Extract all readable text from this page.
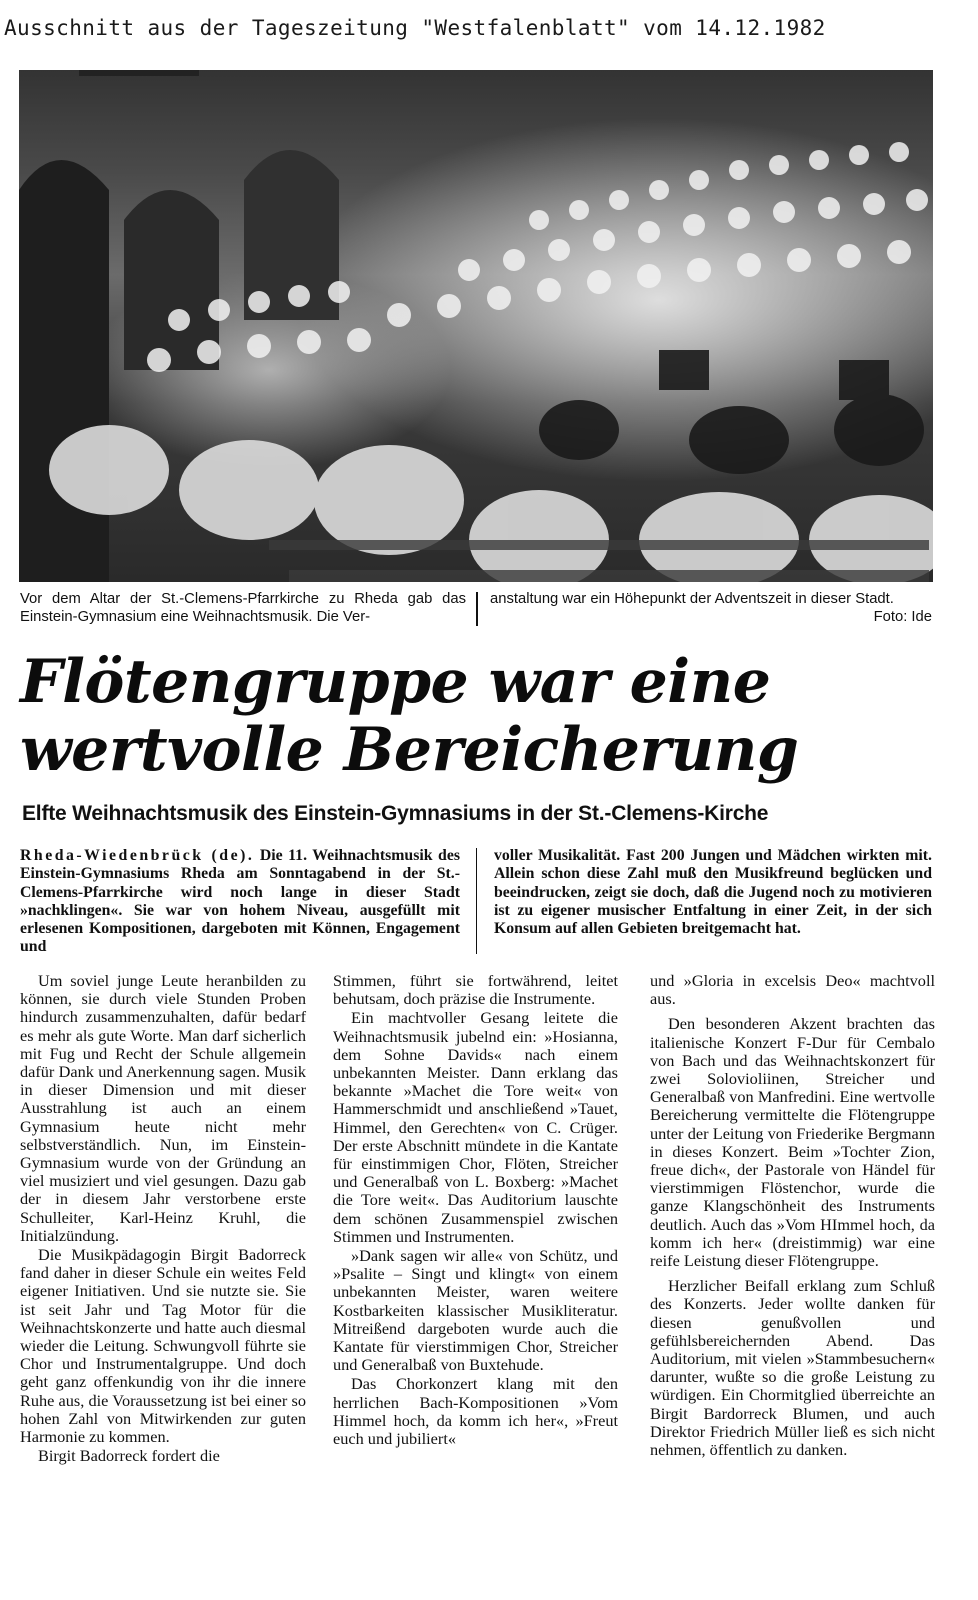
Ausschnitt aus der Tageszeitung "Westfalenblatt" vom 14.12.1982
Vor dem Altar der St.-Clemens-Pfarrkirche zu Rheda gab das Einstein-Gymnasium eine Weihnachtsmusik. Die Ver-
anstaltung war ein Höhepunkt der Adventszeit in dieser Stadt.
Foto: Ide
Flötengruppe war eine
wertvolle Bereicherung
Elfte Weihnachtsmusik des Einstein-Gymnasiums in der St.-Clemens-Kirche
Rheda-Wiedenbrück (de). Die 11. Weihnachtsmusik des Einstein-Gymnasiums Rheda am Sonntagabend in der St.-Clemens-Pfarrkirche wird noch lange in dieser Stadt »nachklingen«. Sie war von hohem Niveau, ausgefüllt mit erlesenen Kompositionen, dargeboten mit Können, Engagement und
voller Musikalität. Fast 200 Jungen und Mädchen wirkten mit. Allein schon diese Zahl muß den Musikfreund beglücken und beeindrucken, zeigt sie doch, daß die Jugend noch zu motivieren ist zu eigener musischer Entfaltung in einer Zeit, in der sich Konsum auf allen Gebieten breitgemacht hat.

Um soviel junge Leute heranbilden zu können, sie durch viele Stunden Proben hindurch zusammenzuhalten, dafür bedarf es mehr als gute Worte. Man darf sicherlich mit Fug und Recht der Schule allgemein dafür Dank und Anerkennung sagen. Musik in dieser Dimension und mit dieser Ausstrahlung ist auch an einem Gymnasium heute nicht mehr selbstverständlich. Nun, im Einstein-Gymnasium wurde von der Gründung an viel musiziert und viel gesungen. Dazu gab der in diesem Jahr verstorbene erste Schulleiter, Karl-Heinz Kruhl, die Initialzündung.

Die Musikpädagogin Birgit Badorreck fand daher in dieser Schule ein weites Feld eigener Initiativen. Und sie nutzte sie. Sie ist seit Jahr und Tag Motor für die Weihnachtskonzerte und hatte auch diesmal wieder die Leitung. Schwungvoll führte sie Chor und Instrumentalgruppe. Und doch geht ganz offenkundig von ihr die innere Ruhe aus, die Voraussetzung ist bei einer so hohen Zahl von Mitwirkenden zur guten Harmonie zu kommen.

Birgit Badorreck fordert die

Stimmen, führt sie fortwährend, leitet behutsam, doch präzise die Instrumente.

Ein machtvoller Gesang leitete die Weihnachtsmusik jubelnd ein: »Hosianna, dem Sohne Davids« nach einem unbekannten Meister. Dann erklang das bekannte »Machet die Tore weit« von Hammerschmidt und anschließend »Tauet, Himmel, den Gerechten« von C. Crüger. Der erste Abschnitt mündete in die Kantate für einstimmigen Chor, Flöten, Streicher und Generalbaß von L. Boxberg: »Machet die Tore weit«. Das Auditorium lauschte dem schönen Zusammenspiel zwischen Stimmen und Instrumenten.

»Dank sagen wir alle« von Schütz, und »Psalite – Singt und klingt« von einem unbekannten Meister, waren weitere Kostbarkeiten klassischer Musikliteratur. Mitreißend dargeboten wurde auch die Kantate für vierstimmigen Chor, Streicher und Generalbaß von Buxtehude.

Das Chorkonzert klang mit den herrlichen Bach-Kompositionen »Vom Himmel hoch, da komm ich her«, »Freut euch und jubiliert«

und »Gloria in excelsis Deo« machtvoll aus.

Den besonderen Akzent brachten das italienische Konzert F-Dur für Cembalo von Bach und das Weihnachtskonzert für zwei Solovioliinen, Streicher und Generalbaß von Manfredini. Eine wertvolle Bereicherung vermittelte die Flötengruppe unter der Leitung von Friederike Bergmann in dieses Konzert. Beim »Tochter Zion, freue dich«, der Pastorale von Händel für vierstimmigen Flöstenchor, wurde die ganze Klangschönheit des Instruments deutlich. Auch das »Vom HImmel hoch, da komm ich her« (dreistimmig) war eine reife Leistung dieser Flötengruppe.

Herzlicher Beifall erklang zum Schluß des Konzerts. Jeder wollte danken für diesen genußvollen und gefühlsbereichernden Abend. Das Auditorium, mit vielen »Stammbesuchern« darunter, wußte so die große Leistung zu würdigen. Ein Chormitglied überreichte an Birgit Bardorreck Blumen, und auch Direktor Friedrich Müller ließ es sich nicht nehmen, öffentlich zu danken.
